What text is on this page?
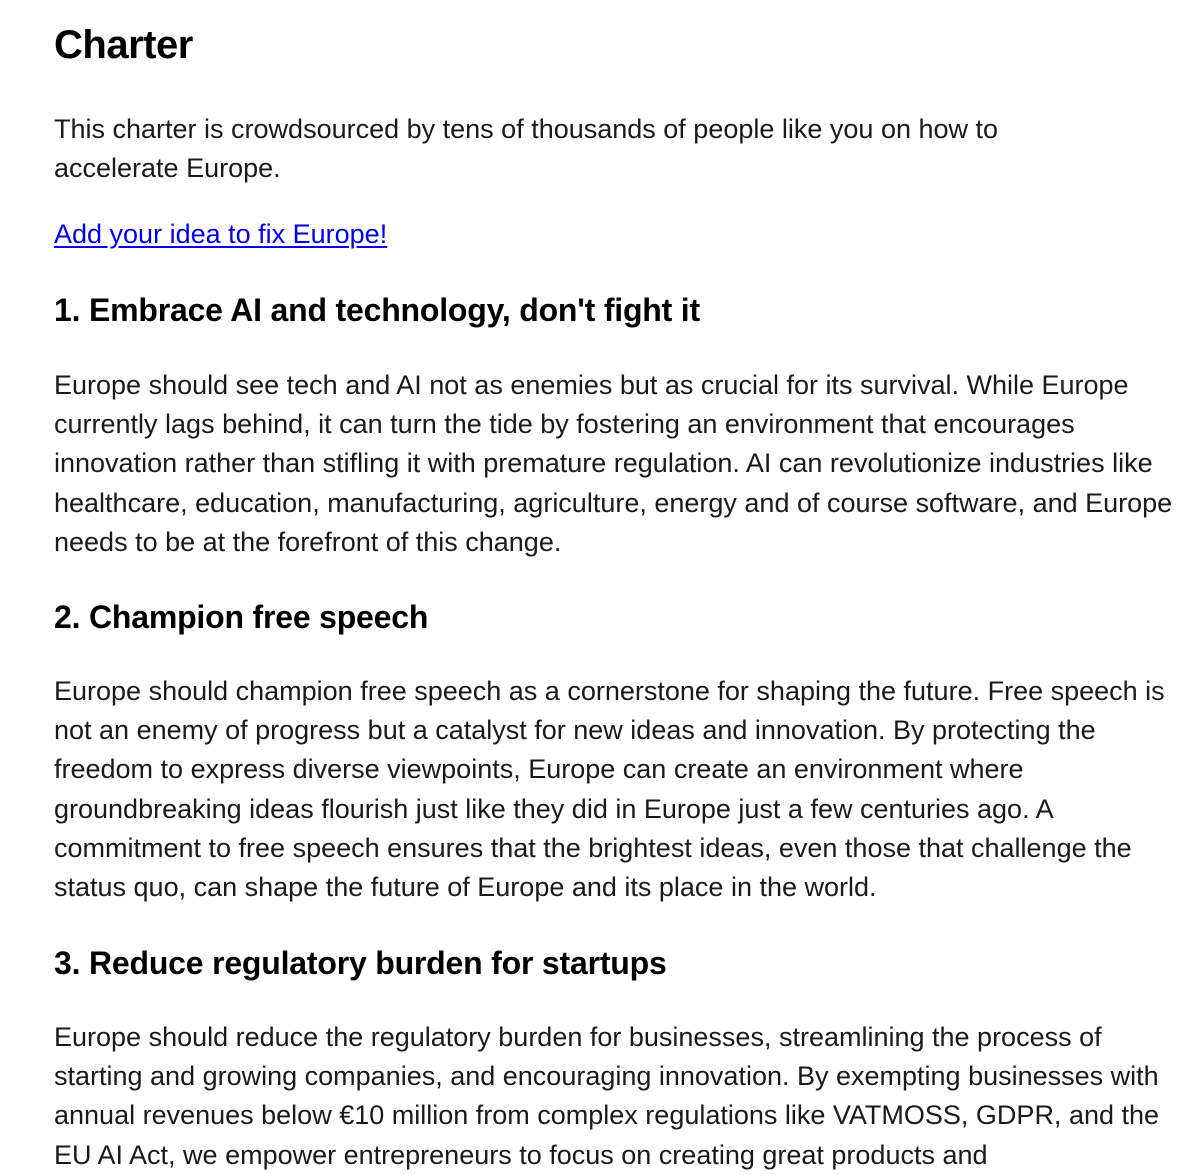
Charter

This charter is crowdsourced by tens of thousands of people like you on how to accelerate Europe.

Add your idea to fix Europe!
1. Embrace AI and technology, don't fight it

Europe should see tech and AI not as enemies but as crucial for its survival. While Europe currently lags behind, it can turn the tide by fostering an environment that encourages innovation rather than stifling it with premature regulation. AI can revolutionize industries like healthcare, education, manufacturing, agriculture, energy and of course software, and Europe needs to be at the forefront of this change.

2. Champion free speech

Europe should champion free speech as a cornerstone for shaping the future. Free speech is not an enemy of progress but a catalyst for new ideas and innovation. By protecting the freedom to express diverse viewpoints, Europe can create an environment where groundbreaking ideas flourish just like they did in Europe just a few centuries ago. A commitment to free speech ensures that the brightest ideas, even those that challenge the status quo, can shape the future of Europe and its place in the world.

3. Reduce regulatory burden for startups

Europe should reduce the regulatory burden for businesses, streamlining the process of starting and growing companies, and encouraging innovation. By exempting businesses with annual revenues below €10 million from complex regulations like VATMOSS, GDPR, and the EU AI Act, we empower entrepreneurs to focus on creating great products and
